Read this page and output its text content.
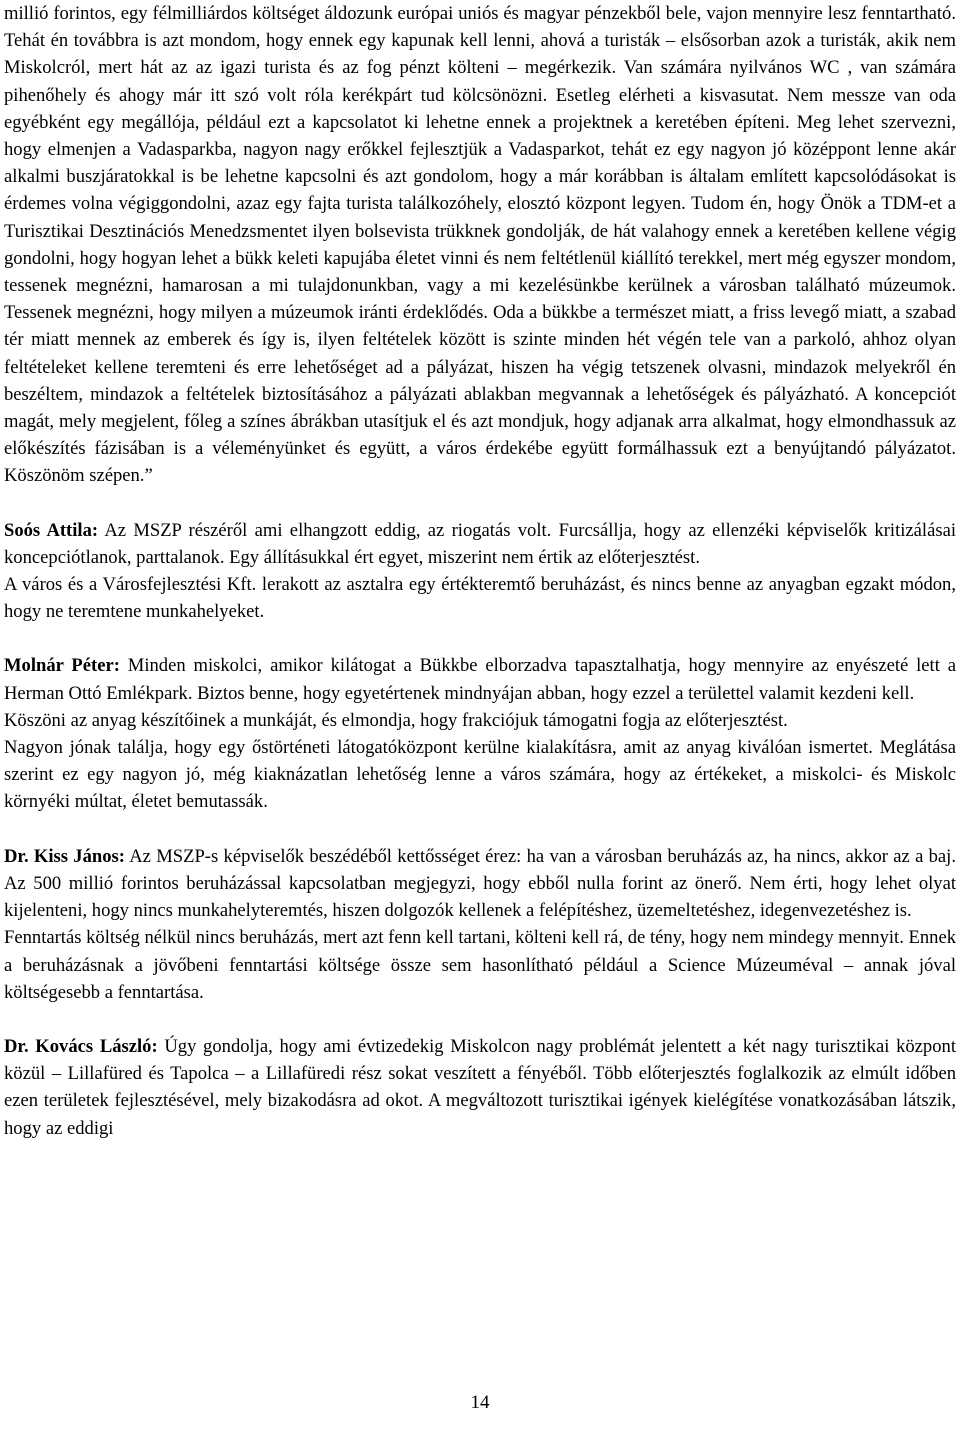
millió forintos, egy félmilliárdos költséget áldozunk európai uniós és magyar pénzekből bele, vajon mennyire lesz fenntartható. Tehát én továbbra is azt mondom, hogy ennek egy kapunak kell lenni, ahová a turisták – elsősorban azok a turisták, akik nem Miskolcról, mert hát az az igazi turista és az fog pénzt költeni – megérkezik. Van számára nyilvános WC , van számára pihenőhely és ahogy már itt szó volt róla kerékpárt tud kölcsönözni. Esetleg elérheti a kisvasutat. Nem messze van oda egyébként egy megállója, például ezt a kapcsolatot ki lehetne ennek a projektnek a keretében építeni. Meg lehet szervezni, hogy elmenjen a Vadasparkba, nagyon nagy erőkkel fejlesztjük a Vadasparkot, tehát ez egy nagyon jó középpont lenne akár alkalmi buszjáratokkal is be lehetne kapcsolni és azt gondolom, hogy a már korábban is általam említett kapcsolódásokat is érdemes volna végiggondolni, azaz egy fajta turista találkozóhely, elosztó központ legyen. Tudom én, hogy Önök a TDM-et a Turisztikai Desztinációs Menedzsmentet ilyen bolsevista trükknek gondolják, de hát valahogy ennek a keretében kellene végig gondolni, hogy hogyan lehet a bükk keleti kapujába életet vinni és nem feltétlenül kiállító terekkel, mert még egyszer mondom, tessenek megnézni, hamarosan a mi tulajdonunkban, vagy a mi kezelésünkbe kerülnek a városban található múzeumok. Tessenek megnézni, hogy milyen a múzeumok iránti érdeklődés. Oda a bükkbe a természet miatt, a friss levegő miatt, a szabad tér miatt mennek az emberek és így is, ilyen feltételek között is szinte minden hét végén tele van a parkoló, ahhoz olyan feltételeket kellene teremteni és erre lehetőséget ad a pályázat, hiszen ha végig tetszenek olvasni, mindazok melyekről én beszéltem, mindazok a feltételek biztosításához a pályázati ablakban megvannak a lehetőségek és pályázható. A koncepciót magát, mely megjelent, főleg a színes ábrákban utasítjuk el és azt mondjuk, hogy adjanak arra alkalmat, hogy elmondhassuk az előkészítés fázisában is a véleményünket és együtt, a város érdekébe együtt formálhassuk ezt a benyújtandó pályázatot. Köszönöm szépen.”

Soós Attila: Az MSZP részéről ami elhangzott eddig, az riogatás volt. Furcsállja, hogy az ellenzéki képviselők kritizálásai koncepciótlanok, parttalanok. Egy állításukkal ért egyet, miszerint nem értik az előterjesztést.

A város és a Városfejlesztési Kft. lerakott az asztalra egy értékteremtő beruházást, és nincs benne az anyagban egzakt módon, hogy ne teremtene munkahelyeket.

Molnár Péter: Minden miskolci, amikor kilátogat a Bükkbe elborzadva tapasztalhatja, hogy mennyire az enyészeté lett a Herman Ottó Emlékpark. Biztos benne, hogy egyetértenek mindnyájan abban, hogy ezzel a területtel valamit kezdeni kell.

Köszöni az anyag készítőinek a munkáját, és elmondja, hogy frakciójuk támogatni fogja az előterjesztést.

Nagyon jónak találja, hogy egy őstörténeti látogatóközpont kerülne kialakításra, amit az anyag kiválóan ismertet. Meglátása szerint ez egy nagyon jó, még kiaknázatlan lehetőség lenne a város számára, hogy az értékeket, a miskolci- és Miskolc környéki múltat, életet bemutassák.

Dr. Kiss János: Az MSZP-s képviselők beszédéből kettősséget érez: ha van a városban beruházás az, ha nincs, akkor az a baj. Az 500 millió forintos beruházással kapcsolatban megjegyzi, hogy ebből nulla forint az önerő. Nem érti, hogy lehet olyat kijelenteni, hogy nincs munkahelyteremtés, hiszen dolgozók kellenek a felépítéshez, üzemeltetéshez, idegenvezetéshez is.

Fenntartás költség nélkül nincs beruházás, mert azt fenn kell tartani, költeni kell rá, de tény, hogy nem mindegy mennyit. Ennek a beruházásnak a jövőbeni fenntartási költsége össze sem hasonlítható például a Science Múzeuméval – annak jóval költségesebb a fenntartása.

Dr. Kovács László: Úgy gondolja, hogy ami évtizedekig Miskolcon nagy problémát jelentett a két nagy turisztikai központ közül – Lillafüred és Tapolca – a Lillafüredi rész sokat veszített a fényéből. Több előterjesztés foglalkozik az elmúlt időben ezen területek fejlesztésével, mely bizakodásra ad okot. A megváltozott turisztikai igények kielégítése vonatkozásában látszik, hogy az eddigi

14
